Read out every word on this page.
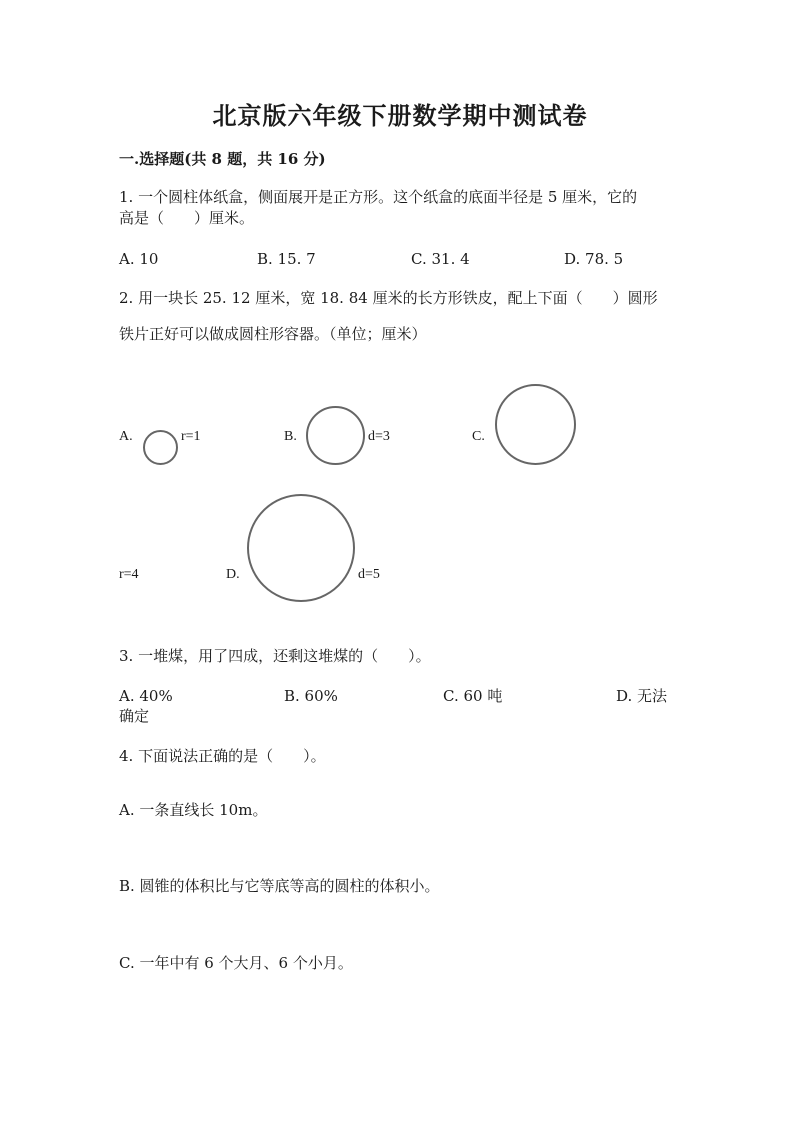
北京版六年级下册数学期中测试卷
一.选择题(共 8 题，共 16 分)
1. 一个圆柱体纸盒，侧面展开是正方形。这个纸盒的底面半径是 5 厘米，它的
高是（　　）厘米。
A. 10	B. 15. 7	C. 31. 4	D. 78. 5
2. 用一块长 25. 12 厘米，宽 18. 84 厘米的长方形铁皮，配上下面（　　）圆形
铁片正好可以做成圆柱形容器。（单位；厘米）
A.	r=1	B.	d=3	C.
r=4	D.	d=5
3. 一堆煤，用了四成，还剩这堆煤的（　　）。
A. 40%	B. 60%	C. 60 吨	D. 无法
确定
4. 下面说法正确的是（　　）。
A. 一条直线长 10m。
B. 圆锥的体积比与它等底等高的圆柱的体积小。
C. 一年中有 6 个大月、6 个小月。
